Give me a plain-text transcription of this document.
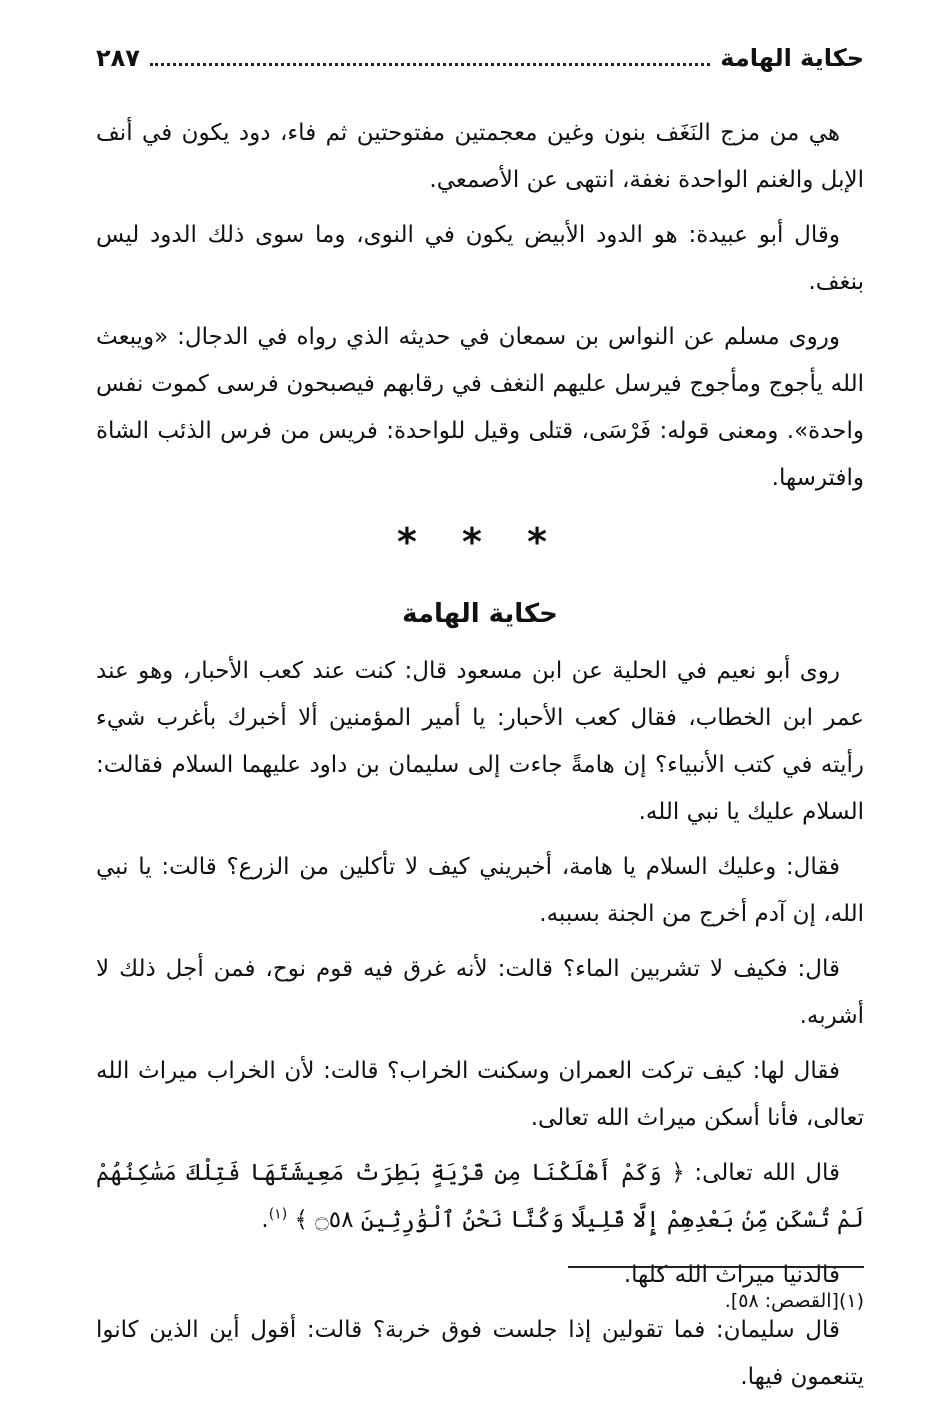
حكاية الهامة
٢٨٧

هي من مزج النَغَف بنون وغين معجمتين مفتوحتين ثم فاء، دود يكون في أنف الإبل والغنم الواحدة نغفة، انتهى عن الأصمعي.

وقال أبو عبيدة: هو الدود الأبيض يكون في النوى، وما سوى ذلك الدود ليس بنغف.

وروى مسلم عن النواس بن سمعان في حديثه الذي رواه في الدجال: «ويبعث الله يأجوج ومأجوج فيرسل عليهم النغف في رقابهم فيصبحون فرسى كموت نفس واحدة». ومعنى قوله: فَرْسَى، قتلى وقيل للواحدة: فريس من فرس الذئب الشاة وافترسها.

* * *
حكاية الهامة

روى أبو نعيم في الحلية عن ابن مسعود قال: كنت عند كعب الأحبار، وهو عند عمر ابن الخطاب، فقال كعب الأحبار: يا أمير المؤمنين ألا أخبرك بأغرب شيء رأيته في كتب الأنبياء؟ إن هامةً جاءت إلى سليمان بن داود عليهما السلام فقالت: السلام عليك يا نبي الله.

فقال: وعليك السلام يا هامة، أخبريني كيف لا تأكلين من الزرع؟ قالت: يا نبي الله، إن آدم أخرج من الجنة بسببه.

قال: فكيف لا تشربين الماء؟ قالت: لأنه غرق فيه قوم نوح، فمن أجل ذلك لا أشربه.

فقال لها: كيف تركت العمران وسكنت الخراب؟ قالت: لأن الخراب ميراث الله تعالى، فأنا أسكن ميراث الله تعالى.

قال الله تعالى: ﴿ وَكَمْ أَهْلَكْنَا مِن قَرْيَةٍ بَطِرَتْ مَعِيشَتَهَا فَتِلْكَ مَسَٰكِنُهُمْ لَمْ تُسْكَن مِّنۢ بَعْدِهِمْ إِلَّا قَلِيلًا وَكُنَّا نَحْنُ ٱلْوَٰرِثِينَ ۝٥٨ ﴾ $^{(١)}$.

فالدنيا ميراث الله كلها.

قال سليمان: فما تقولين إذا جلست فوق خربة؟ قالت: أقول أين الذين كانوا يتنعمون فيها.

(١)[القصص: ٥٨].
